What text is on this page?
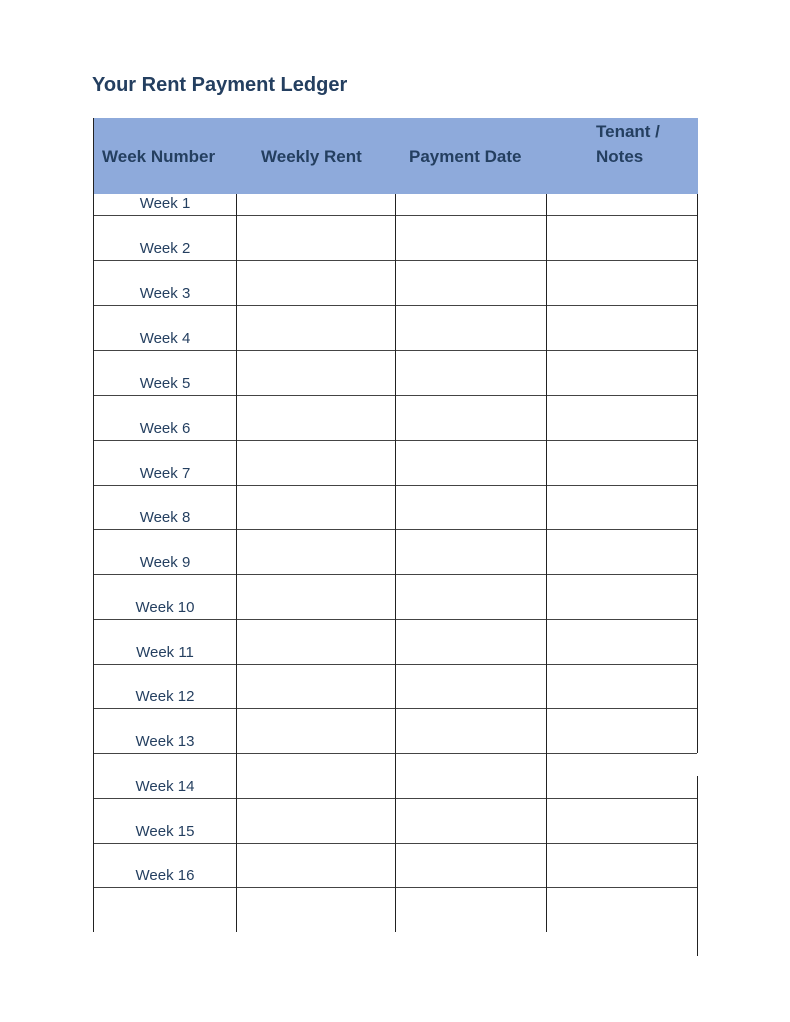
Your Rent Payment Ledger
Week Number	Weekly Rent	Payment Date
Tenant /
Notes
Week 1
Week 2
Week 3
Week 4
Week 5
Week 6
Week 7
Week 8
Week 9
Week 10
Week 11
Week 12
Week 13
Week 14
Week 15
Week 16
